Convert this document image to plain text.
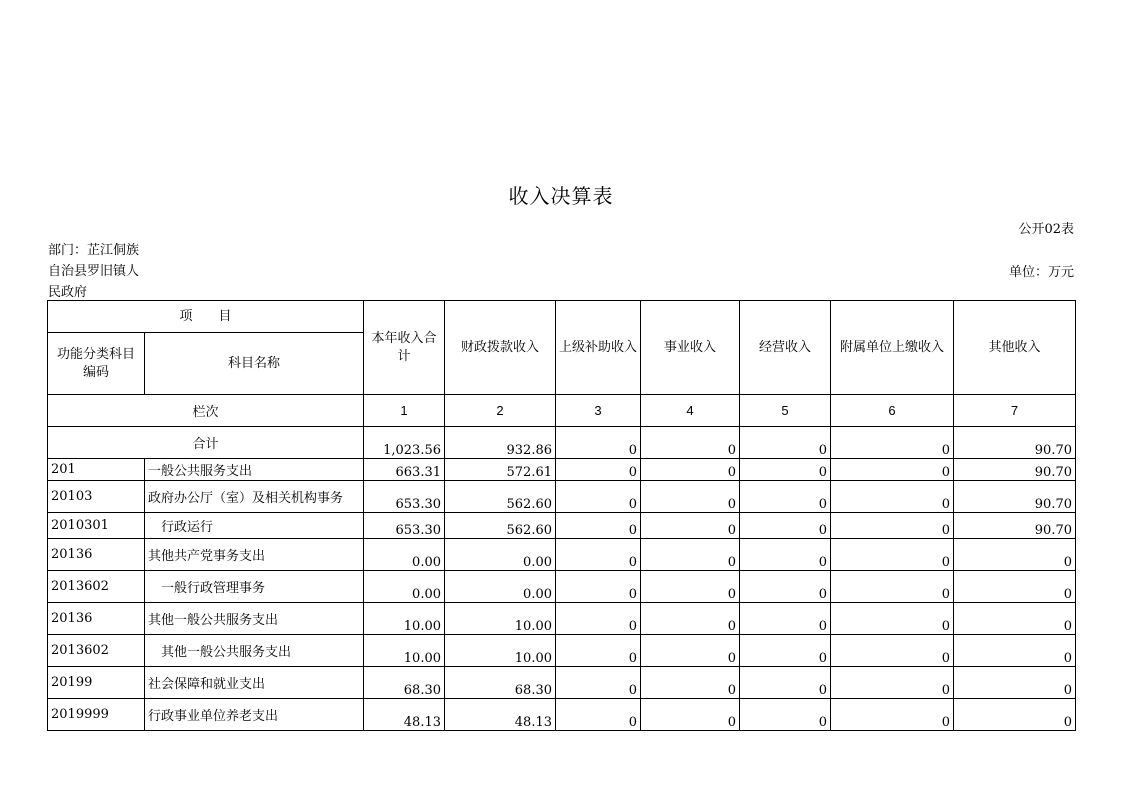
收入决算表
公开02表
部门：芷江侗族
自治县罗旧镇人
民政府
单位：万元
项　　目		本年收入合计	财政拨款收入	上级补助收入	事业收入	经营收入	附属单位上缴收入	其他收入
功能分类科目编码	科目名称							
栏次		1	2	3	4	5	6	7
合计		1,023.56	932.86	0	0	0	0	90.70
201	一般公共服务支出	663.31	572.61	0	0	0	0	90.70
20103	政府办公厅（室）及相关机构事务	653.30	562.60	0	0	0	0	90.70
2010301	行政运行	653.30	562.60	0	0	0	0	90.70
20136	其他共产党事务支出	0.00	0.00	0	0	0	0	0
2013602	一般行政管理事务	0.00	0.00	0	0	0	0	0
20136	其他一般公共服务支出	10.00	10.00	0	0	0	0	0
2013602	其他一般公共服务支出	10.00	10.00	0	0	0	0	0
20199	社会保障和就业支出	68.30	68.30	0	0	0	0	0
2019999	行政事业单位养老支出	48.13	48.13	0	0	0	0	0
